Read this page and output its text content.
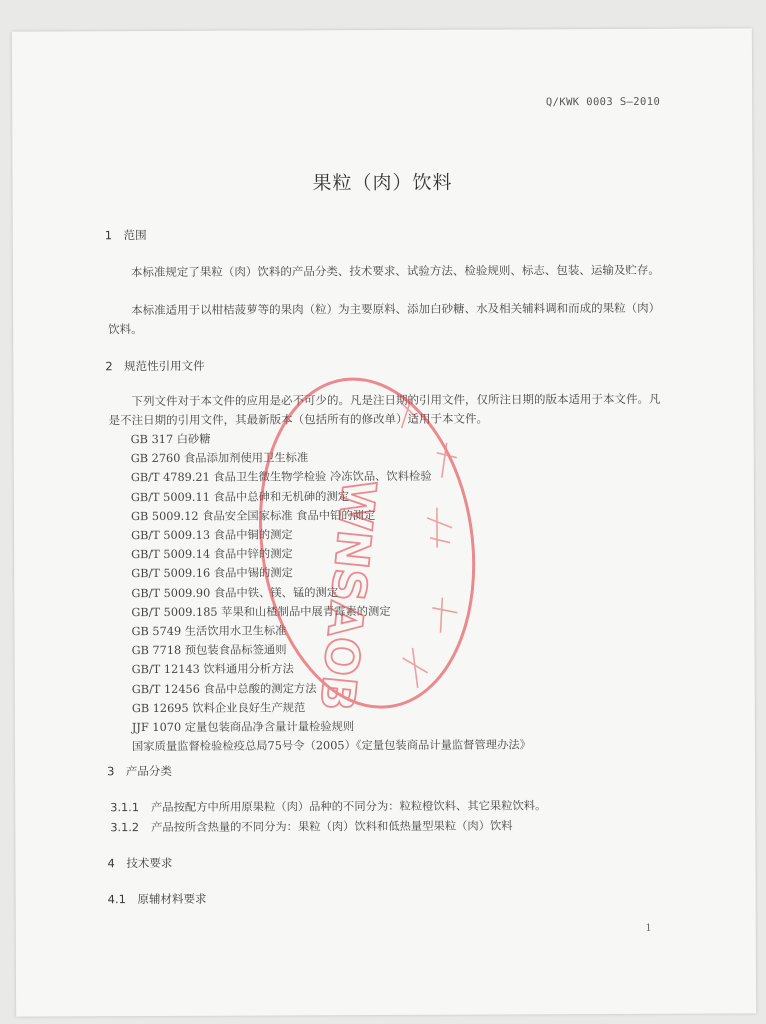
Q/KWK 0003 S—2010
果粒（肉）饮料
1　范围
本标准规定了果粒（肉）饮料的产品分类、技术要求、试验方法、检验规则、标志、包装、运输及贮存。
本标准适用于以柑桔菠萝等的果肉（粒）为主要原料、添加白砂糖、水及相关辅料调和而成的果粒（肉）饮料。
2　规范性引用文件
下列文件对于本文件的应用是必不可少的。凡是注日期的引用文件，仅所注日期的版本适用于本文件。凡是不注日期的引用文件，其最新版本（包括所有的修改单）适用于本文件。
GB 317 白砂糖
GB 2760 食品添加剂使用卫生标准
GB/T 4789.21 食品卫生微生物学检验 冷冻饮品、饮料检验
GB/T 5009.11 食品中总砷和无机砷的测定
GB 5009.12 食品安全国家标准 食品中铅的测定
GB/T 5009.13 食品中铜的测定
GB/T 5009.14 食品中锌的测定
GB/T 5009.16 食品中锡的测定
GB/T 5009.90 食品中铁、镁、锰的测定
GB/T 5009.185 苹果和山楂制品中展青霉素的测定
GB 5749 生活饮用水卫生标准
GB 7718 预包装食品标签通则
GB/T 12143 饮料通用分析方法
GB/T 12456 食品中总酸的测定方法
GB 12695 饮料企业良好生产规范
JJF 1070 定量包装商品净含量计量检验规则
国家质量监督检验检疫总局75号令（2005）《定量包装商品计量监督管理办法》
3　产品分类
3.1.1 产品按配方中所用原果粒（肉）品种的不同分为：粒粒橙饮料、其它果粒饮料。
3.1.2 产品按所含热量的不同分为：果粒（肉）饮料和低热量型果粒（肉）饮料
4　技术要求
4.1　原辅材料要求
1
WNSAOB
